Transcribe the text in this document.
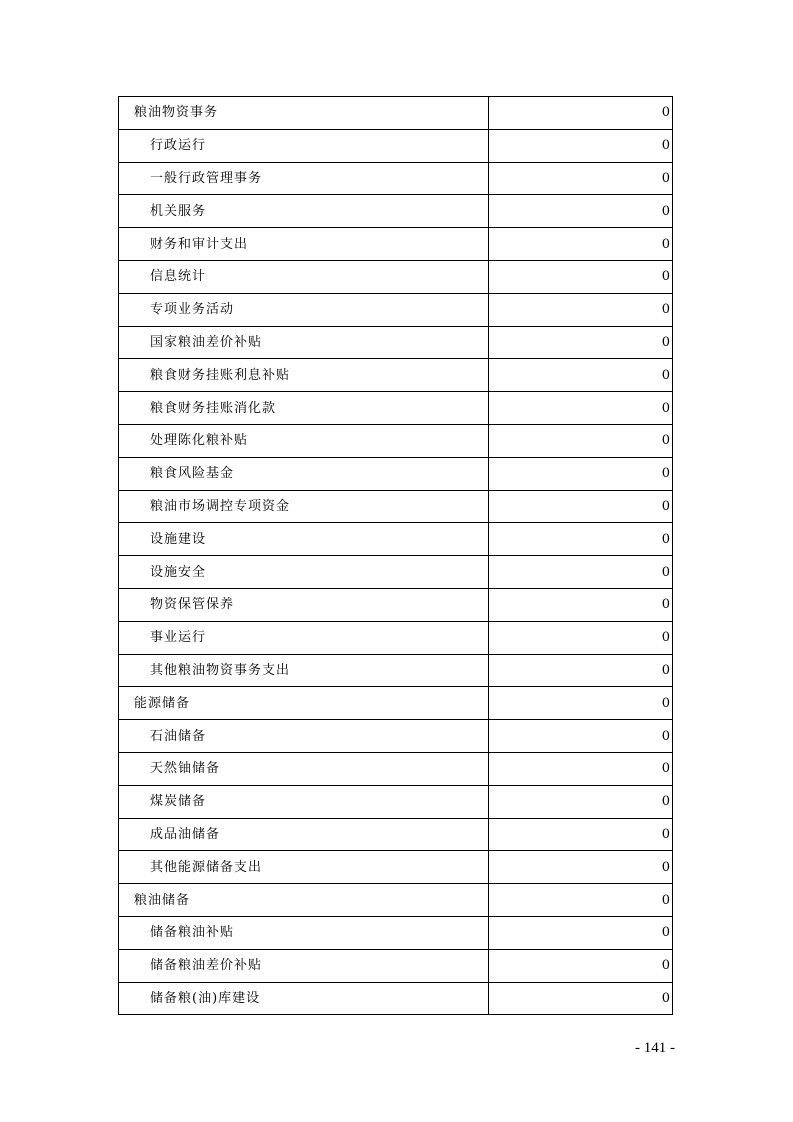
粮油物资事务	0
行政运行	0
一般行政管理事务	0
机关服务	0
财务和审计支出	0
信息统计	0
专项业务活动	0
国家粮油差价补贴	0
粮食财务挂账利息补贴	0
粮食财务挂账消化款	0
处理陈化粮补贴	0
粮食风险基金	0
粮油市场调控专项资金	0
设施建设	0
设施安全	0
物资保管保养	0
事业运行	0
其他粮油物资事务支出	0
能源储备	0
石油储备	0
天然铀储备	0
煤炭储备	0
成品油储备	0
其他能源储备支出	0
粮油储备	0
储备粮油补贴	0
储备粮油差价补贴	0
储备粮(油)库建设	0
- 141 -
